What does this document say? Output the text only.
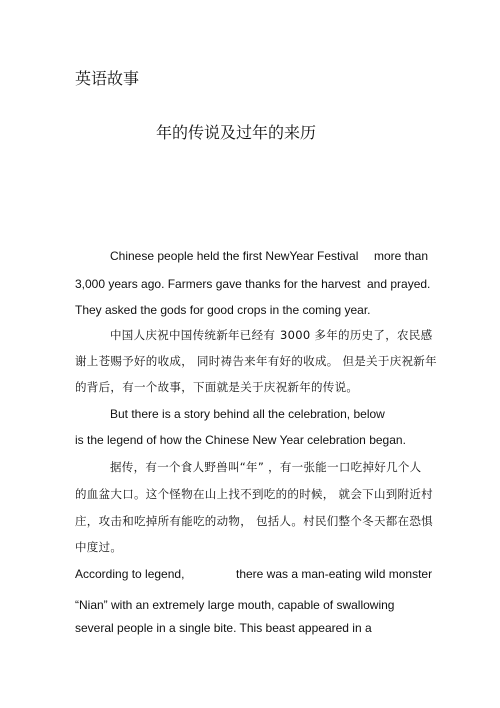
英语故事
年的传说及过年的来历
Chinese people held the first NewYear Festival more than
3,000 years ago. Farmers gave thanks for the harvest and prayed.
They asked the gods for good crops in the coming year.
中国人庆祝中国传统新年已经有 3000 多年的历史了，农民感
谢上苍赐予好的收成， 同时祷告来年有好的收成。 但是关于庆祝新年
的背后，有一个故事，下面就是关于庆祝新年的传说。
But there is a story behind all the celebration, below
is the legend of how the Chinese New Year celebration began.
据传，有一个食人野兽叫“年” ，有一张能一口吃掉好几个人
的血盆大口。这个怪物在山上找不到吃的的时候， 就会下山到附近村
庄，攻击和吃掉所有能吃的动物， 包括人。村民们整个冬天都在恐惧
中度过。
According to legend,	there was a man-eating wild monster
“Nian” with an extremely large mouth, capable of swallowing
several people in a single bite. This beast appeared in a
